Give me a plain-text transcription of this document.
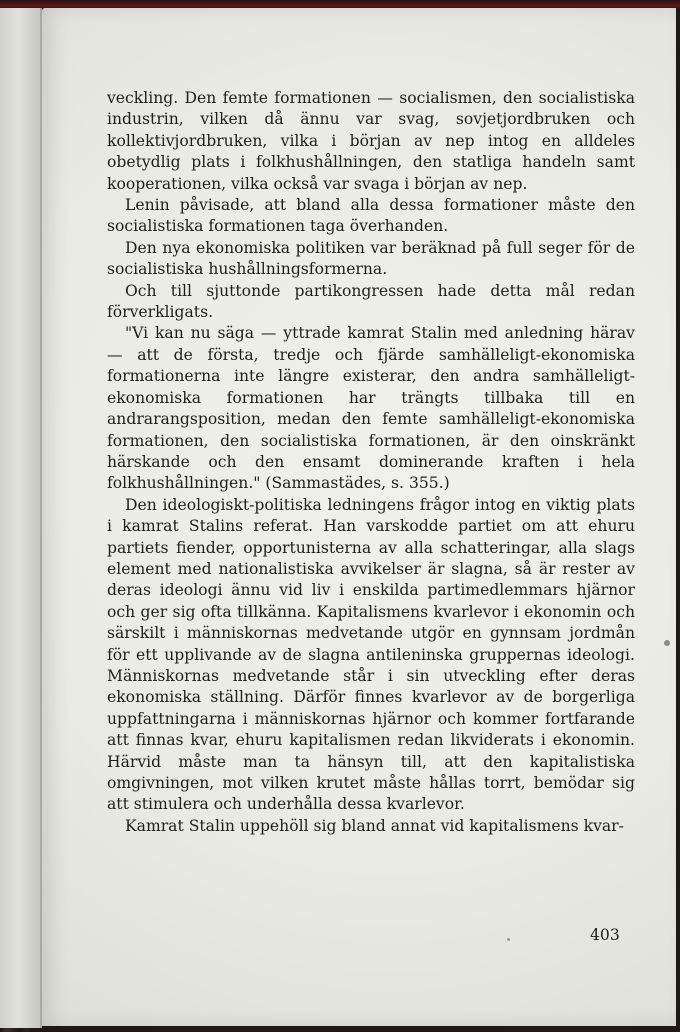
veckling. Den femte formationen — socialismen, den socialistiska industrin, vilken då ännu var svag, sovjetjordbruken och kollektivjordbruken, vilka i början av nep intog en alldeles obetydlig plats i folkhushållningen, den statliga handeln samt kooperationen, vilka också var svaga i början av nep.

Lenin påvisade, att bland alla dessa formationer måste den socialistiska formationen taga överhanden.

Den nya ekonomiska politiken var beräknad på full seger för de socialistiska hushållningsformerna.

Och till sjuttonde partikongressen hade detta mål redan förverkligats.

"Vi kan nu säga — yttrade kamrat Stalin med anledning härav — att de första, tredje och fjärde samhälleligt-ekonomiska formationerna inte längre existerar, den andra samhälleligt-ekonomiska formationen har trängts tillbaka till en andrarangsposition, medan den femte samhälleligt-ekonomiska formationen, den socialistiska formationen, är den oinskränkt härskande och den ensamt dominerande kraften i hela folkhushållningen." (Sammastädes, s. 355.)

Den ideologiskt-politiska ledningens frågor intog en viktig plats i kamrat Stalins referat. Han varskodde partiet om att ehuru partiets fiender, opportunisterna av alla schatteringar, alla slags element med nationalistiska avvikelser är slagna, så är rester av deras ideologi ännu vid liv i enskilda partimedlemmars hjärnor och ger sig ofta tillkänna. Kapitalismens kvarlevor i ekonomin och särskilt i människornas medvetande utgör en gynnsam jordmån för ett upplivande av de slagna antileninska gruppernas ideologi. Människornas medvetande står i sin utveckling efter deras ekonomiska ställning. Därför finnes kvarlevor av de borgerliga uppfattningarna i människornas hjärnor och kommer fortfarande att finnas kvar, ehuru kapitalismen redan likviderats i ekonomin. Härvid måste man ta hänsyn till, att den kapitalistiska omgivningen, mot vilken krutet måste hållas torrt, bemödar sig att stimulera och underhålla dessa kvarlevor.

Kamrat Stalin uppehöll sig bland annat vid kapitalismens kvar-

403
